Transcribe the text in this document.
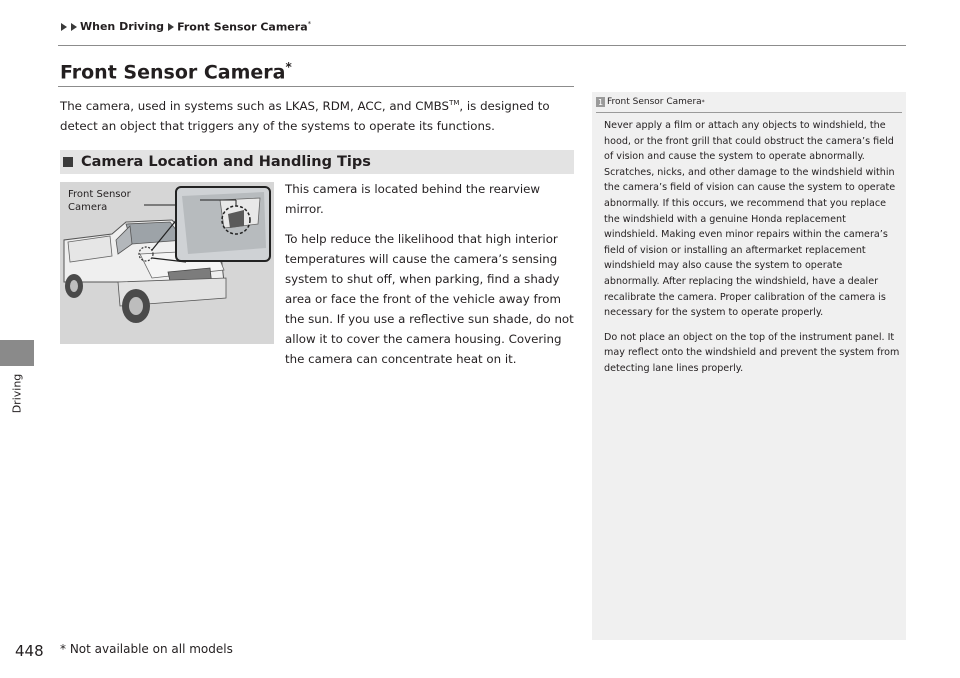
Driving
When Driving Front Sensor Camera*
Front Sensor Camera*

The camera, used in systems such as LKAS, RDM, ACC, and CMBS™, is designed to
detect an object that triggers any of the systems to operate its functions.

Camera Location and Handling Tips
Front Sensor
Camera

This camera is located behind the rearview mirror.

To help reduce the likelihood that high interior temperatures will cause the camera’s sensing system to shut off, when parking, find a shady area or face the front of the vehicle away from the sun. If you use a reflective sun shade, do not allow it to cover the camera housing. Covering the camera can concentrate heat on it.

1 Front Sensor Camera *

Never apply a film or attach any objects to windshield, the hood, or the front grill that could obstruct the camera’s field of vision and cause the system to operate abnormally.

Scratches, nicks, and other damage to the windshield within the camera’s field of vision can cause the system to operate abnormally. If this occurs, we recommend that you replace the windshield with a genuine Honda replacement windshield. Making even minor repairs within the camera’s field of vision or installing an aftermarket replacement windshield may also cause the system to operate abnormally. After replacing the windshield, have a dealer recalibrate the camera. Proper calibration of the camera is necessary for the system to operate properly.

Do not place an object on the top of the instrument panel. It may reflect onto the windshield and prevent the system from detecting lane lines properly.

448 * Not available on all models
